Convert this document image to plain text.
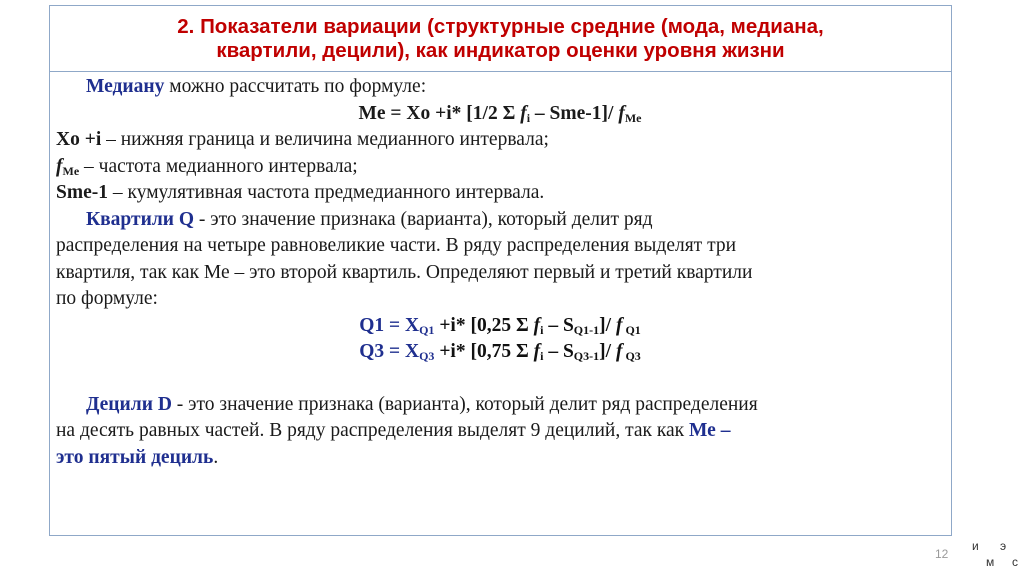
2. Показатели вариации (структурные средние (мода, медиана,
квартили, децили), как индикатор оценки уровня жизни
Медиану можно рассчитать по формуле:
Me = Xo +i* [1/2 Σ $f_i - Sme-1]/$ $f_{Me}$
Xo +i – нижняя граница и величина медианного интервала;
$f_{Me}$ – частота медианного интервала;
Sme-1 – кумулятивная частота предмедианного интервала.
Квартили Q - это значение признака (варианта), который делит ряд
распределения на четыре равновеликие части. В ряду распределения выделят три
квартиля, так как Ме – это второй квартиль. Определяют первый и третий квартили
по формуле:
$Q1 = X_{Q1} +i*$ [0,25 Σ $f_i - S_{Q1-1}]/$ f $_{Q1}$
$Q3 = X_{Q3} +i*$ [0,75 Σ $f_i - S_{Q3-1}]/$ f $_{Q3}$
Децили D - это значение признака (варианта), который делит ряд распределения
на десять равных частей. В ряду распределения выделят 9 децилий, так как Ме –
это пятый дециль.
12
и э
м с
